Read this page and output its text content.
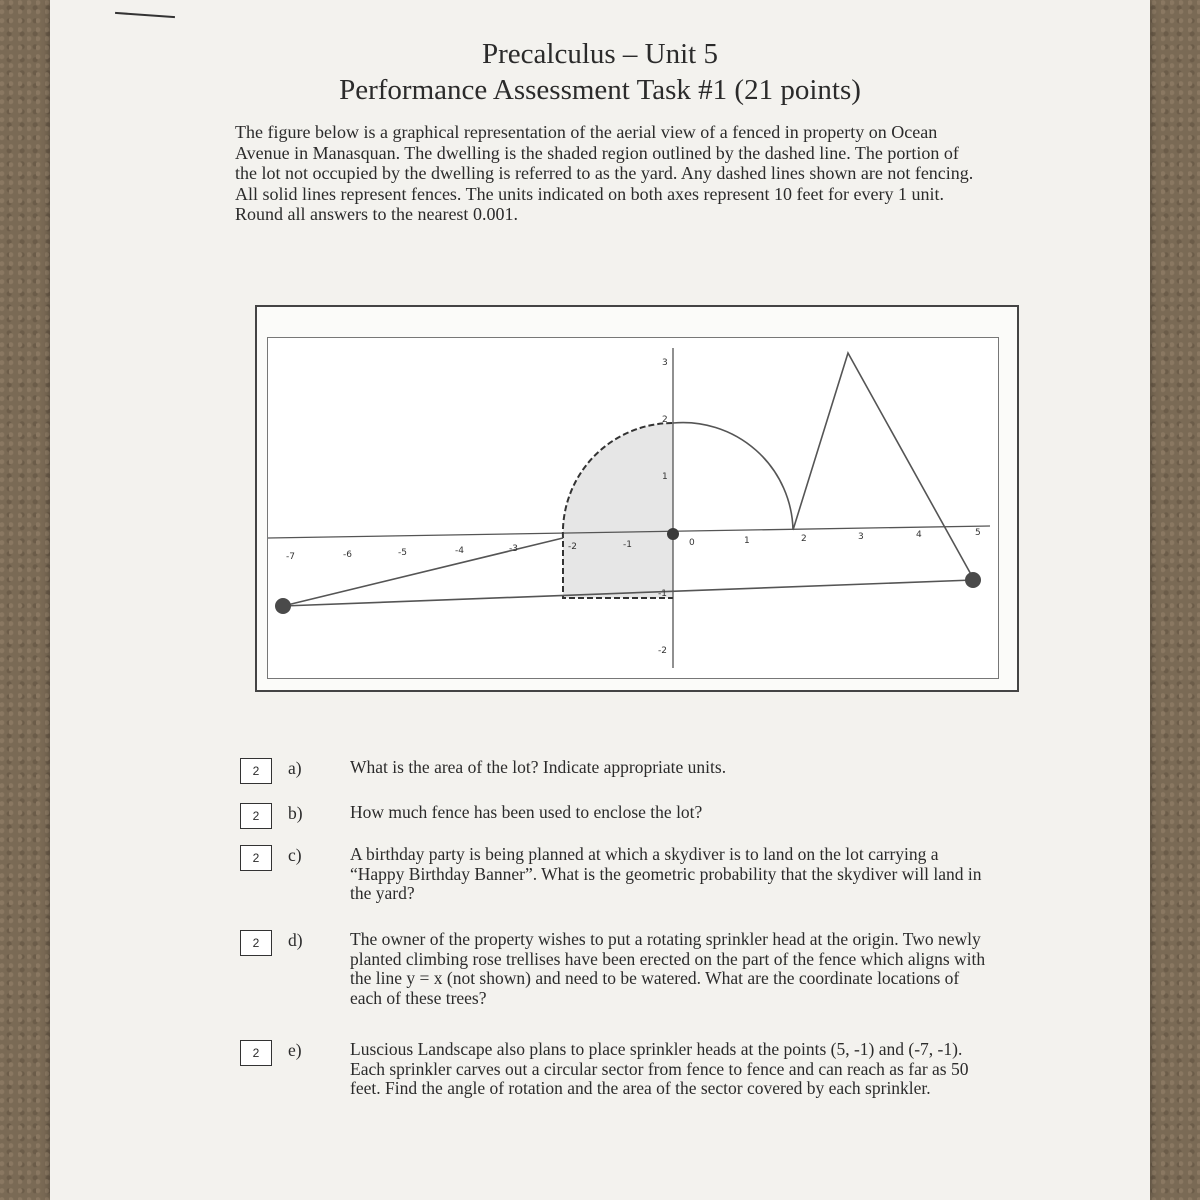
Precalculus – Unit 5
Performance Assessment Task #1 (21 points)
The figure below is a graphical representation of the aerial view of a fenced in property on Ocean Avenue in Manasquan. The dwelling is the shaded region outlined by the dashed line. The portion of the lot not occupied by the dwelling is referred to as the yard. Any dashed lines shown are not fencing. All solid lines represent fences. The units indicated on both axes represent 10 feet for every 1 unit. Round all answers to the nearest 0.001.
-7	-6	-5	-4	-3	-2	-1	0	1	2	3	4	5
3
2
1
-1
-2
2	a)	What is the area of the lot? Indicate appropriate units.
2	b)	How much fence has been used to enclose the lot?
2	c)	A birthday party is being planned at which a skydiver is to land on the lot carrying a “Happy Birthday Banner”. What is the geometric probability that the skydiver will land in the yard?
2	d)	The owner of the property wishes to put a rotating sprinkler head at the origin. Two newly planted climbing rose trellises have been erected on the part of the fence which aligns with the line y = x (not shown) and need to be watered. What are the coordinate locations of each of these trees?
2	e)	Luscious Landscape also plans to place sprinkler heads at the points (5, -1) and (-7, -1). Each sprinkler carves out a circular sector from fence to fence and can reach as far as 50 feet. Find the angle of rotation and the area of the sector covered by each sprinkler.
